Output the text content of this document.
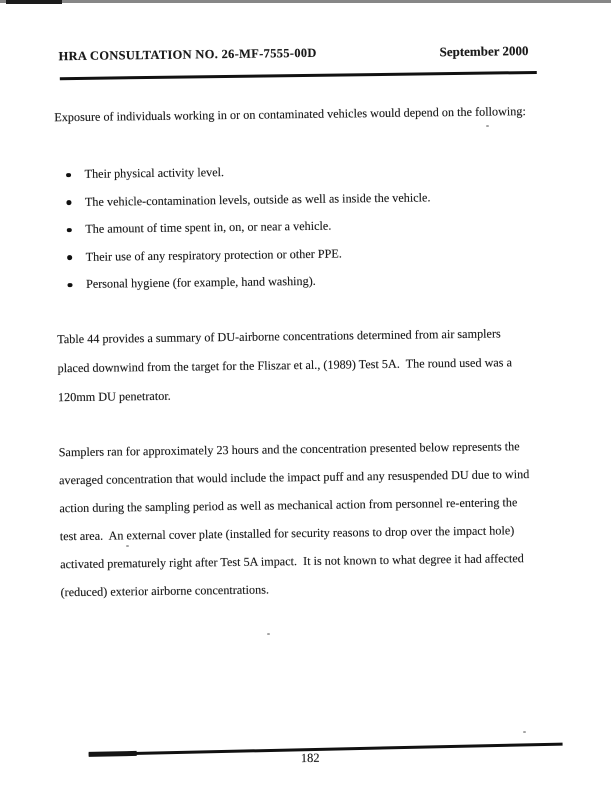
HRA CONSULTATION NO. 26-MF-7555-00D	September 2000
Exposure of individuals working in or on contaminated vehicles would depend on the following:
Their physical activity level.
The vehicle-contamination levels, outside as well as inside the vehicle.
The amount of time spent in, on, or near a vehicle.
Their use of any respiratory protection or other PPE.
Personal hygiene (for example, hand washing).
Table 44 provides a summary of DU-airborne concentrations determined from air samplers
placed downwind from the target for the Fliszar et al., (1989) Test 5A.  The round used was a
120mm DU penetrator.
Samplers ran for approximately 23 hours and the concentration presented below represents the
averaged concentration that would include the impact puff and any resuspended DU due to wind
action during the sampling period as well as mechanical action from personnel re-entering the
test area.  An external cover plate (installed for security reasons to drop over the impact hole)
activated prematurely right after Test 5A impact.  It is not known to what degree it had affected
(reduced) exterior airborne concentrations.
182
